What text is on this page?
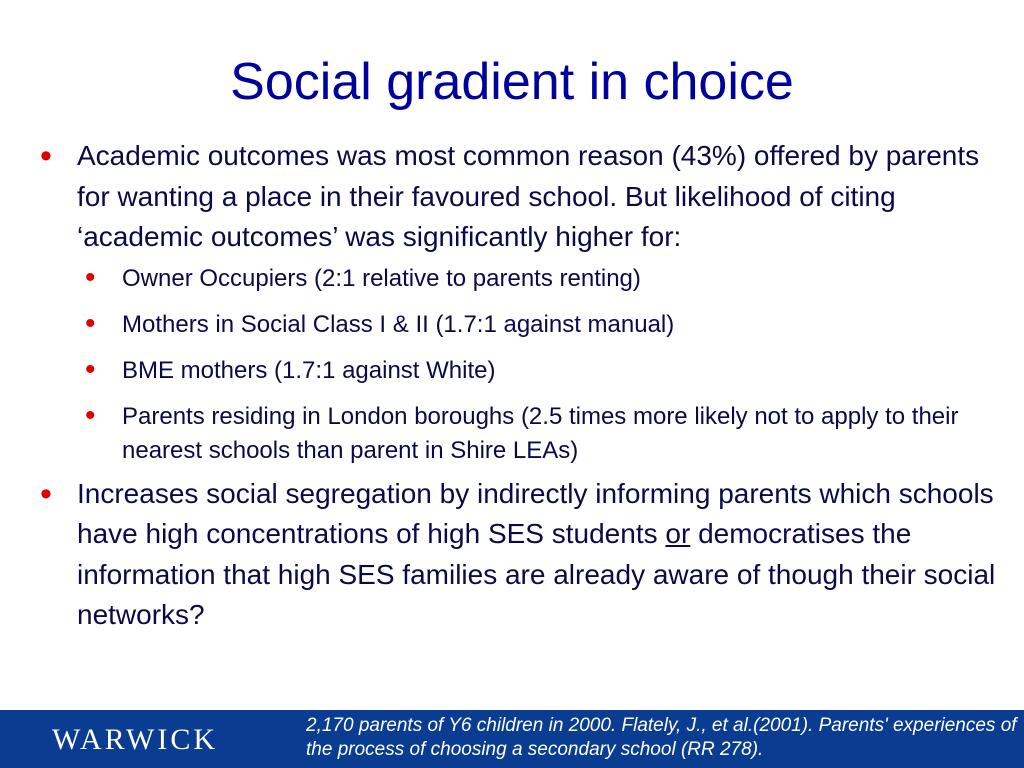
Social gradient in choice
• Academic outcomes was most common reason (43%) offered by parents for wanting a place in their favoured school. But likelihood of citing ‘academic outcomes’ was significantly higher for:
• Owner Occupiers (2:1 relative to parents renting)
• Mothers in Social Class I & II (1.7:1 against manual)
• BME mothers (1.7:1 against White)
• Parents residing in London boroughs (2.5 times more likely not to apply to their nearest schools than parent in Shire LEAs)
• Increases social segregation by indirectly informing parents which schools have high concentrations of high SES students or democratises the information that high SES families are already aware of though their social networks?
WARWICK	2,170 parents of Y6 children in 2000. Flately, J., et al.(2001). Parents' experiences of the process of choosing a secondary school (RR 278).
